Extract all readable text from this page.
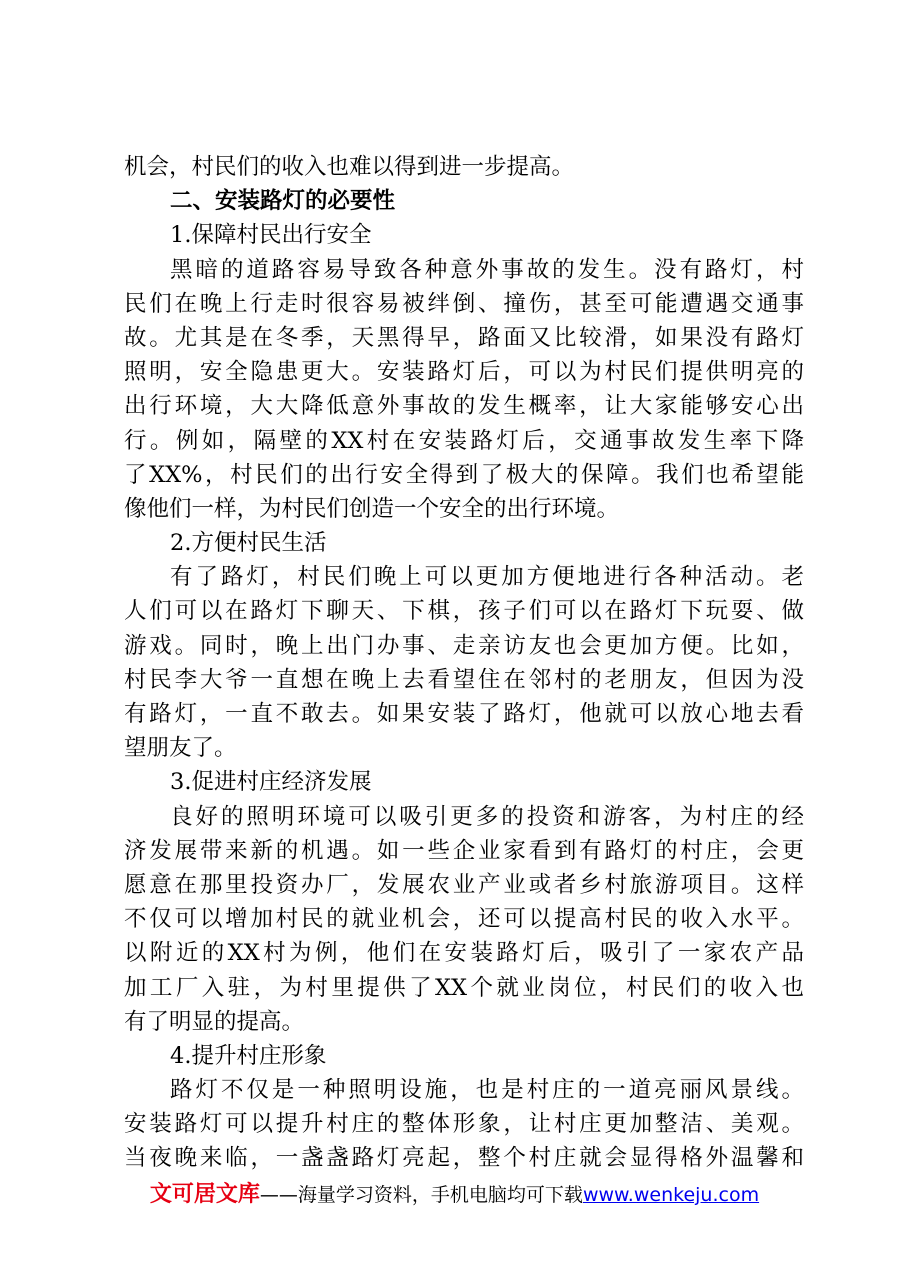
机会，村民们的收入也难以得到进一步提高。
二、安装路灯的必要性
1.保障村民出行安全
黑暗的道路容易导致各种意外事故的发生。没有路灯，村
民们在晚上行走时很容易被绊倒、撞伤，甚至可能遭遇交通事
故。尤其是在冬季，天黑得早，路面又比较滑，如果没有路灯
照明，安全隐患更大。安装路灯后，可以为村民们提供明亮的
出行环境，大大降低意外事故的发生概率，让大家能够安心出
行。例如，隔壁的XX村在安装路灯后，交通事故发生率下降
了XX%，村民们的出行安全得到了极大的保障。我们也希望能
像他们一样，为村民们创造一个安全的出行环境。
2.方便村民生活
有了路灯，村民们晚上可以更加方便地进行各种活动。老
人们可以在路灯下聊天、下棋，孩子们可以在路灯下玩耍、做
游戏。同时，晚上出门办事、走亲访友也会更加方便。比如，
村民李大爷一直想在晚上去看望住在邻村的老朋友，但因为没
有路灯，一直不敢去。如果安装了路灯，他就可以放心地去看
望朋友了。
3.促进村庄经济发展
良好的照明环境可以吸引更多的投资和游客，为村庄的经
济发展带来新的机遇。如一些企业家看到有路灯的村庄，会更
愿意在那里投资办厂，发展农业产业或者乡村旅游项目。这样
不仅可以增加村民的就业机会，还可以提高村民的收入水平。
以附近的XX村为例，他们在安装路灯后，吸引了一家农产品
加工厂入驻，为村里提供了XX个就业岗位，村民们的收入也
有了明显的提高。
4.提升村庄形象
路灯不仅是一种照明设施，也是村庄的一道亮丽风景线。
安装路灯可以提升村庄的整体形象，让村庄更加整洁、美观。
当夜晚来临，一盏盏路灯亮起，整个村庄就会显得格外温馨和
文可居文库——海量学习资料，手机电脑均可下载www.wenkeju.com
